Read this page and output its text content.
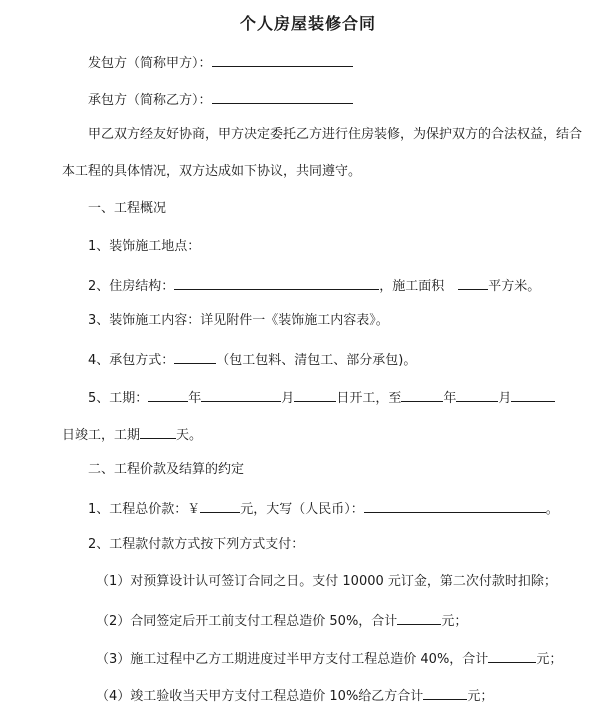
个人房屋装修合同
发包方（简称甲方）：
承包方（简称乙方）：
甲乙双方经友好协商，甲方决定委托乙方进行住房装修，为保护双方的合法权益，结合
本工程的具体情况，双方达成如下协议，共同遵守。
一、工程概况
1、装饰施工地点：
2、住房结构：	，施工面积	平方米。
3、装饰施工内容：详见附件一《装饰施工内容表》。
4、承包方式：	（包工包料、清包工、部分承包)。
5、工期：	年	月	日开工，至	年	月
日竣工，工期	天。
二、工程价款及结算的约定
1、工程总价款：￥	元，大写（人民币）：	。
2、工程款付款方式按下列方式支付：
（1）对预算设计认可签订合同之日。支付 10000 元订金，第二次付款时扣除；
（2）合同签定后开工前支付工程总造价 50%，合计	元；
（3）施工过程中乙方工期进度过半甲方支付工程总造价 40%，合计	元；
（4）竣工验收当天甲方支付工程总造价 10%给乙方合计	元；
